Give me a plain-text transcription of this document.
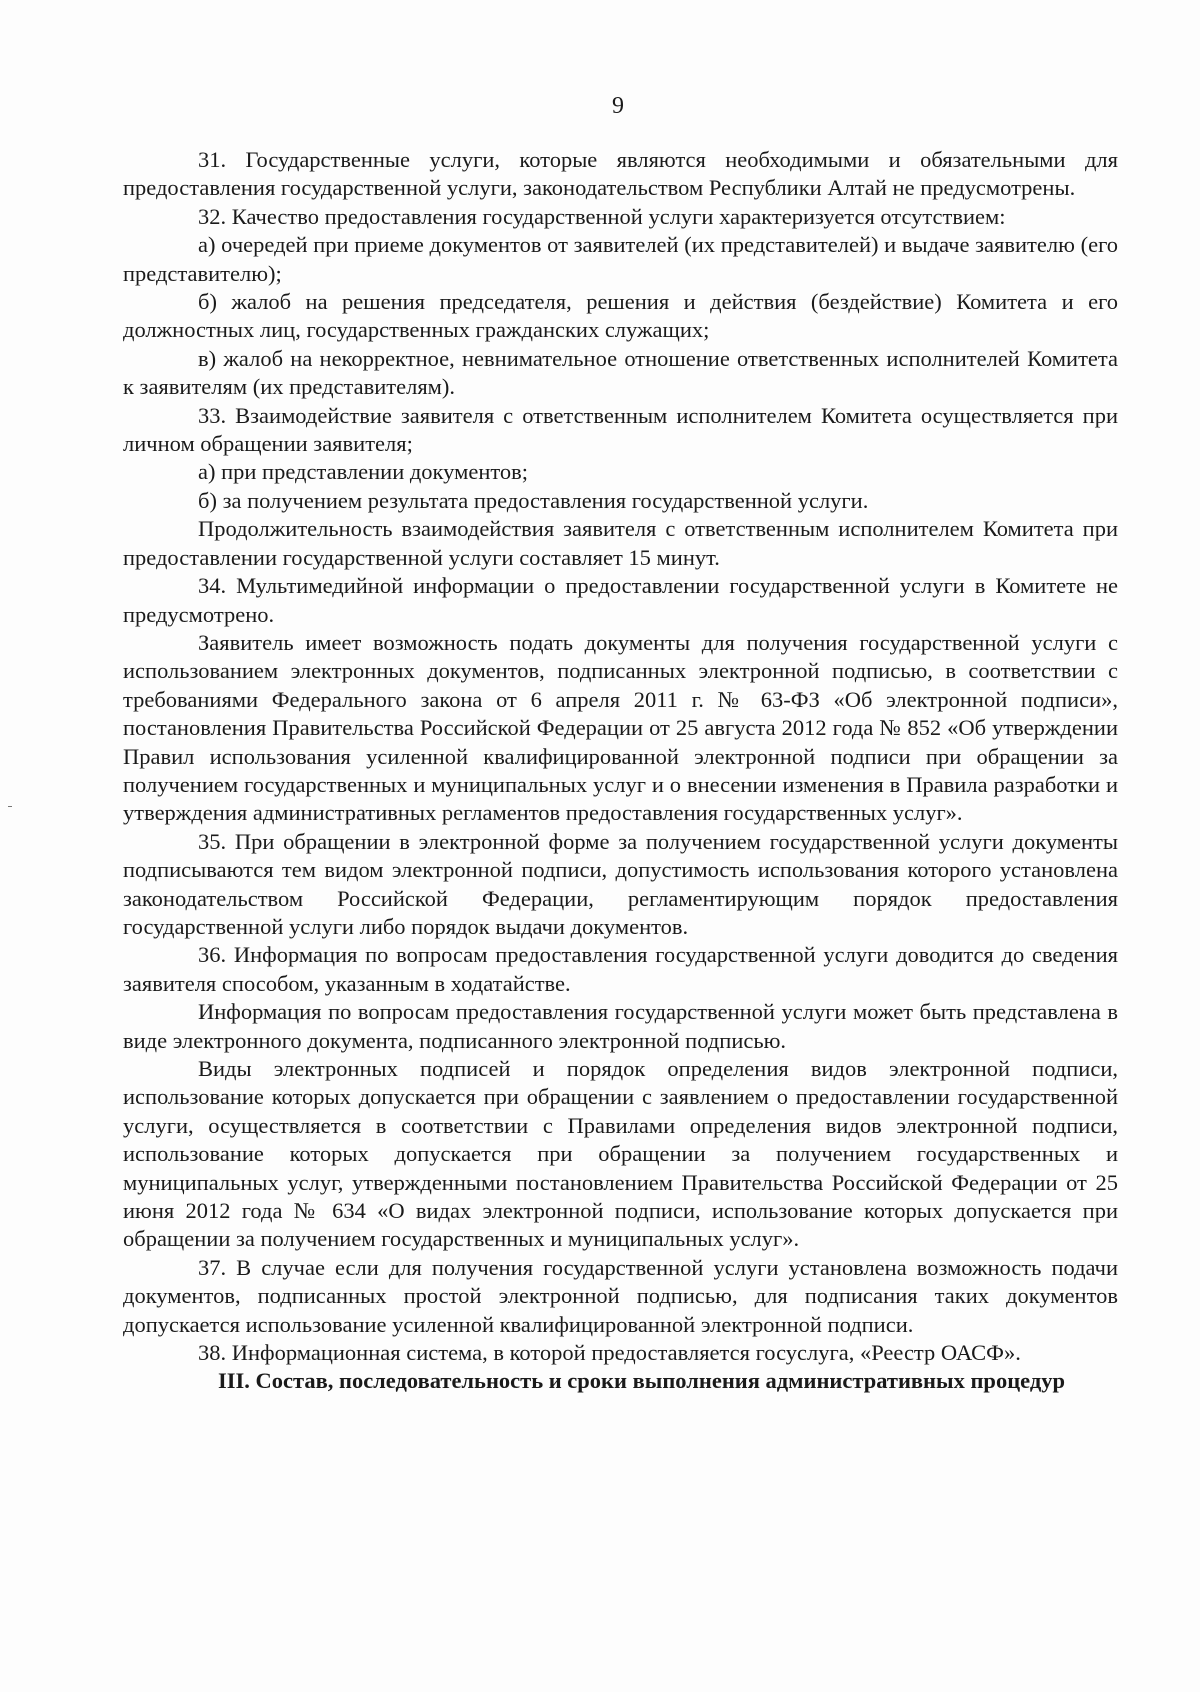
9

31. Государственные услуги, которые являются необходимыми и обязательными для предоставления государственной услуги, законодательством Республики Алтай не предусмотрены.

32. Качество предоставления государственной услуги характеризуется отсутствием:

а) очередей при приеме документов от заявителей (их представителей) и выдаче заявителю (его представителю);

б) жалоб на решения председателя, решения и действия (бездействие) Комитета и его должностных лиц, государственных гражданских служащих;

в) жалоб на некорректное, невнимательное отношение ответственных исполнителей Комитета к заявителям (их представителям).

33. Взаимодействие заявителя с ответственным исполнителем Комитета осуществляется при личном обращении заявителя;

а) при представлении документов;

б) за получением результата предоставления государственной услуги.

Продолжительность взаимодействия заявителя с ответственным исполнителем Комитета при предоставлении государственной услуги составляет 15 минут.

34. Мультимедийной информации о предоставлении государственной услуги в Комитете не предусмотрено.

Заявитель имеет возможность подать документы для получения государственной услуги с использованием электронных документов, подписанных электронной подписью, в соответствии с требованиями Федерального закона от 6 апреля 2011 г. № 63-ФЗ «Об электронной подписи», постановления Правительства Российской Федерации от 25 августа 2012 года № 852 «Об утверждении Правил использования усиленной квалифицированной электронной подписи при обращении за получением государственных и муниципальных услуг и о внесении изменения в Правила разработки и утверждения административных регламентов предоставления государственных услуг».

35. При обращении в электронной форме за получением государственной услуги документы подписываются тем видом электронной подписи, допустимость использования которого установлена законодательством Российской Федерации, регламентирующим порядок предоставления государственной услуги либо порядок выдачи документов.

36. Информация по вопросам предоставления государственной услуги доводится до сведения заявителя способом, указанным в ходатайстве.

Информация по вопросам предоставления государственной услуги может быть представлена в виде электронного документа, подписанного электронной подписью.

Виды электронных подписей и порядок определения видов электронной подписи, использование которых допускается при обращении с заявлением о предоставлении государственной услуги, осуществляется в соответствии с Правилами определения видов электронной подписи, использование которых допускается при обращении за получением государственных и муниципальных услуг, утвержденными постановлением Правительства Российской Федерации от 25 июня 2012 года № 634 «О видах электронной подписи, использование которых допускается при обращении за получением государственных и муниципальных услуг».

37. В случае если для получения государственной услуги установлена возможность подачи документов, подписанных простой электронной подписью, для подписания таких документов допускается использование усиленной квалифицированной электронной подписи.

38. Информационная система, в которой предоставляется госуслуга, «Реестр ОАСФ».

III. Состав, последовательность и сроки выполнения административных процедур
